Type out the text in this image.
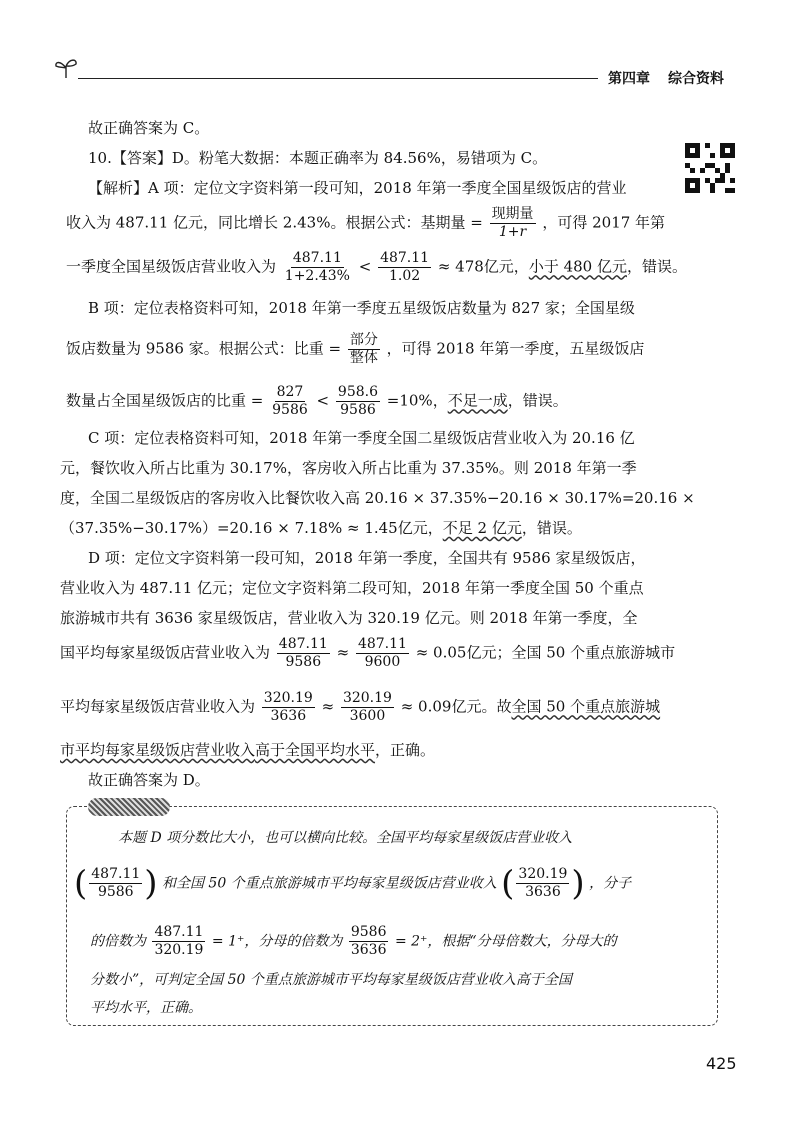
第四章 综合资料
故正确答案为 C。
10.【答案】D。粉笔大数据：本题正确率为 84.56%，易错项为 C。
【解析】A 项：定位文字资料第一段可知，2018 年第一季度全国星级饭店的营业
收入为 487.11 亿元，同比增长 2.43%。根据公式：基期量 = $\frac{\text{现期量}}{1+r}$ ，可得 2017 年第
一季度全国星级饭店营业收入为 $\frac{487.11}{1+2.43\%} < \frac{487.11}{1.02} \approx 478$亿元，小于 480 亿元，错误。
B 项：定位表格资料可知，2018 年第一季度五星级饭店数量为 827 家；全国星级
饭店数量为 9586 家。根据公式：比重 = $\frac{\text{部分}}{\text{整体}}$ ，可得 2018 年第一季度，五星级饭店
数量占全国星级饭店的比重 = $\frac{827}{9586} < \frac{958.6}{9586} =10\%$，不足一成，错误。
C 项：定位表格资料可知，2018 年第一季度全国二星级饭店营业收入为 20.16 亿
元，餐饮收入所占比重为 30.17%，客房收入所占比重为 37.35%。则 2018 年第一季
度，全国二星级饭店的客房收入比餐饮收入高 20.16 × 37.35%−20.16 × 30.17%=20.16 ×
（37.35%−30.17%）=20.16 × 7.18% ≈ 1.45亿元，不足 2 亿元，错误。
D 项：定位文字资料第一段可知，2018 年第一季度，全国共有 9586 家星级饭店，
营业收入为 487.11 亿元；定位文字资料第二段可知，2018 年第一季度全国 50 个重点
旅游城市共有 3636 家星级饭店，营业收入为 320.19 亿元。则 2018 年第一季度，全
国平均每家星级饭店营业收入为 $\frac{487.11}{9586} \approx \frac{487.11}{9600} \approx 0.05$亿元；全国 50 个重点旅游城市
平均每家星级饭店营业收入为 $\frac{320.19}{3636} \approx \frac{320.19}{3600} \approx 0.09$亿元。故全国 50 个重点旅游城
市平均每家星级饭店营业收入高于全国平均水平，正确。
故正确答案为 D。
本题 D 项分数比大小，也可以横向比较。全国平均每家星级饭店营业收入
( $\frac{487.11}{9586}$ ) 和全国 50 个重点旅游城市平均每家星级饭店营业收入 ( $\frac{320.19}{3636}$ ) ，分子
的倍数为 $\frac{487.11}{320.19} = 1^+$，分母的倍数为 $\frac{9586}{3636} = 2^+$，根据“分母倍数大，分母大的
分数小”，可判定全国 50 个重点旅游城市平均每家星级饭店营业收入高于全国
平均水平，正确。
425
